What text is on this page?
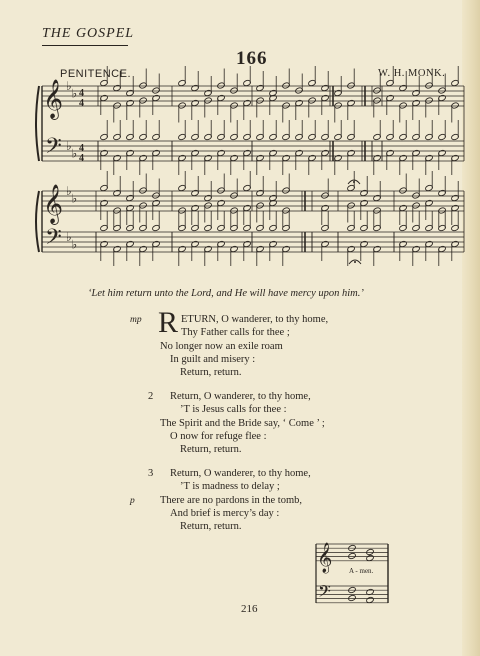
THE GOSPEL
166
PENITENCE.	W. H. MONK.
𝄞
𝄢
♭
♭
♭
♭
4
4
4
4
𝄞
𝄢
♭
♭
♭
♭
𝄞
𝄢
‘Let him return unto the Lord, and He will have mercy upon him.’
R
mp	ETURN, O wanderer, to thy home,
Thy Father calls for thee ;
No longer now an exile roam
In guilt and misery :
Return, return.
2 Return, O wanderer, to thy home,
’T is Jesus calls for thee :
The Spirit and the Bride say, ‘ Come ’ ;
O now for refuge flee :
Return, return.
3 Return, O wanderer, to thy home,
’T is madness to delay ;
There are no pardons in the tomb,
p
And brief is mercy’s day :
Return, return.
A - men.
216
